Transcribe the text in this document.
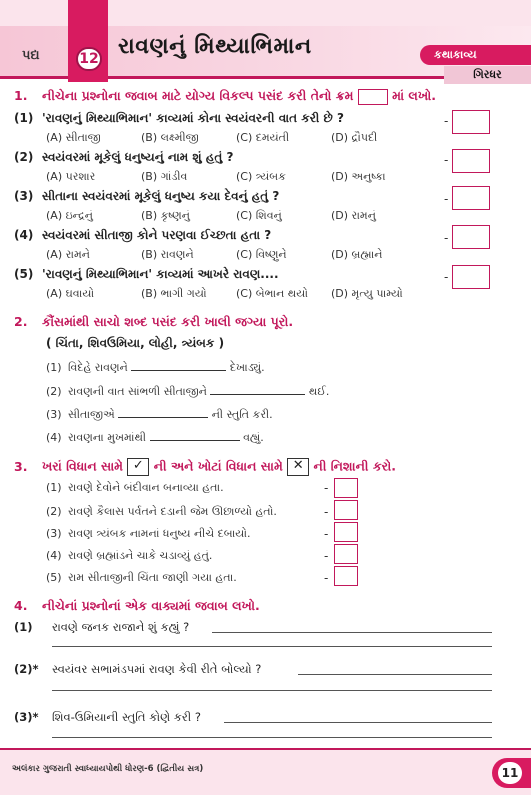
પદ્ય	12 રાવણનું મિથ્યાભિમાન	કથાકાવ્ય
ગિરધર
1. નીચેના પ્રશ્નોના જવાબ માટે યોગ્ય વિકલ્પ પસંદ કરી તેનો ક્રમ	માં લખો.
(1) 'રાવણનું મિથ્યાભિમાન' કાવ્યમાં કોના સ્વયંવરની વાત કરી છે ?
(A) સીતાજી	(B) લક્ષ્મીજી	(C) દમયંતી	(D) દ્રૌપદી
-
(2) સ્વયંવરમાં મૂકેલું ધનુષ્યનું નામ શું હતું ?
(A) પરશાર	(B) ગાંડીવ	(C) ત્ર્યંબક	(D) અનુષ્કા
-
(3) સીતાના સ્વયંવરમાં મૂકેલું ધનુષ્ય કયા દેવનું હતું ?
(A) ઇન્દ્રનું	(B) કૃષ્ણનું	(C) શિવનું	(D) રામનું
-
(4) સ્વયંવરમાં સીતાજી કોને પરણવા ઈચ્છતા હતા ?
(A) રામને	(B) રાવણને	(C) વિષ્ણુને	(D) બ્રહ્માને
-
(5) 'રાવણનું મિથ્યાભિમાન' કાવ્યમાં આખરે રાવણ....
(A) ઘવાયો	(B) ભાગી ગયો	(C) બેભાન થયો	(D) મૃત્યુ પામ્યો
-
2. કૌંસમાંથી સાચો શબ્દ પસંદ કરી ખાલી જગ્યા પૂરો.
( ચિંતા, શિવઉમિયા, લોહી, ત્ર્યંબક )
(1) વિદેહે રાવણને	દેખાડ્યું.
(2) રાવણની વાત સાંભળી સીતાજીને	થઈ.
(3) સીતાજીએ	ની સ્તુતિ કરી.
(4) રાવણના મુખમાંથી	વહ્યું.
3. ખરાં વિધાન સામે ✓ ની અને ખોટાં વિધાન સામે ✕ ની નિશાની કરો.
(1) રાવણે દેવોને બંદીવાન બનાવ્યા હતા.	-
(2) રાવણે કૈલાસ પર્વતને દડાની જેમ ઊછાળ્યો હતો.	-
(3) રાવણ ત્ર્યંબક નામનાં ધનુષ્ય નીચે દબાયો.	-
(4) રાવણે બ્રહ્માંડને ચાકે ચડાવ્યું હતું.	-
(5) રામ સીતાજીની ચિંતા જાણી ગયા હતા.	-
4. નીચેનાં પ્રશ્નોનાં એક વાક્યમાં જવાબ લખો.
(1) રાવણે જનક રાજાને શું કહ્યું ?
(2)* સ્વયંવર સભામંડપમાં રાવણ કેવી રીતે બોલ્યો ?
(3)* શિવ-ઉમિયાની સ્તુતિ કોણે કરી ?
અલંકાર ગુજરાતી સ્વાધ્યાયપોથી ધોરણ-6 (દ્વિતીય સત્ર)	11
